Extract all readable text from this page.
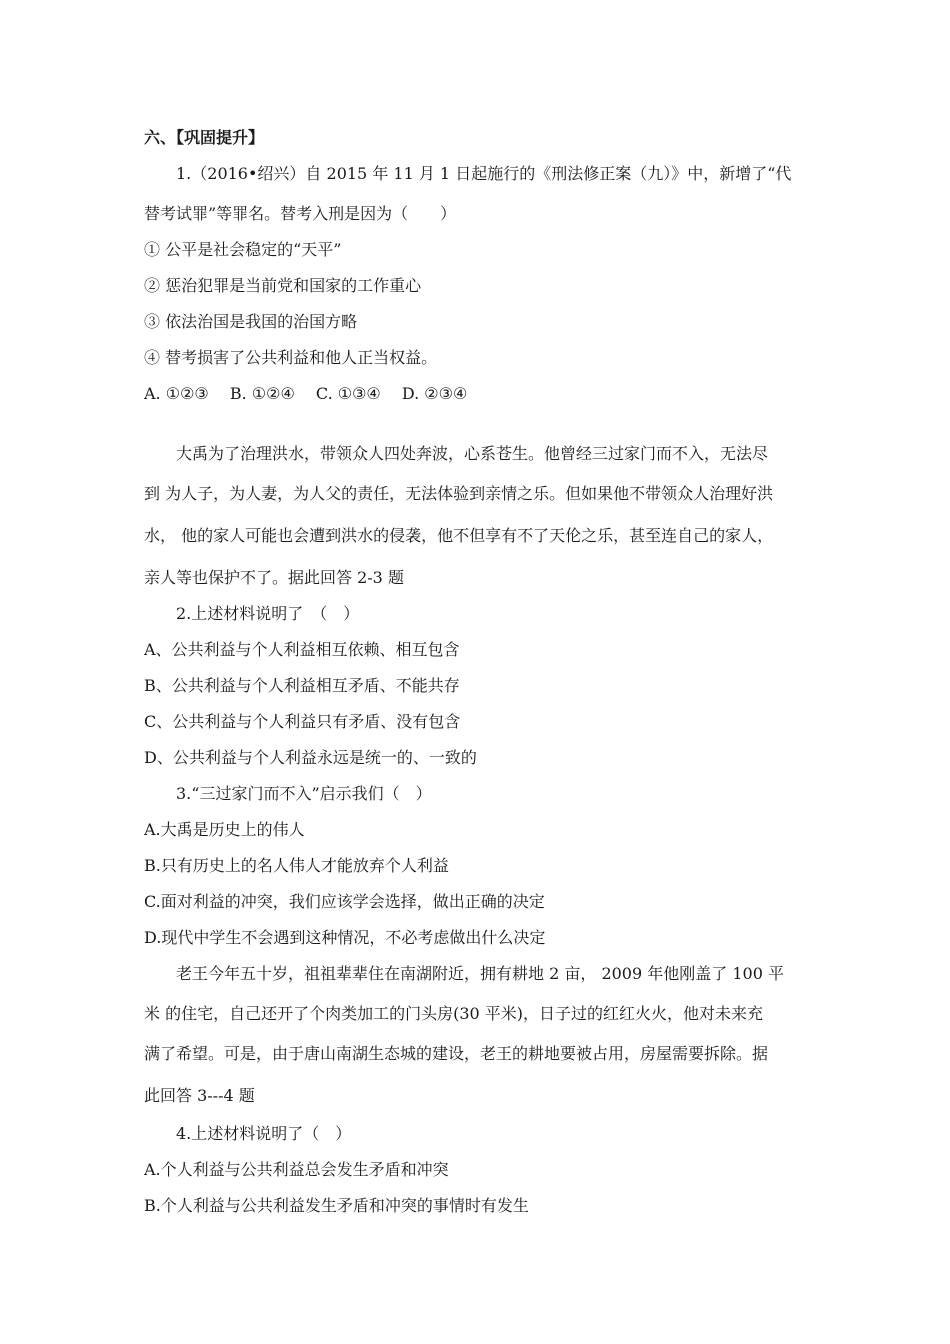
六、【巩固提升】
1.（2016•绍兴）自 2015 年 11 月 1 日起施行的《刑法修正案（九）》中，新增了“代
替考试罪”等罪名。替考入刑是因为（　　）
① 公平是社会稳定的“天平”
② 惩治犯罪是当前党和国家的工作重心
③ 依法治国是我国的治国方略
④ 替考损害了公共利益和他人正当权益。
A. ①②③　 B. ①②④　 C. ①③④　 D. ②③④
大禹为了治理洪水，带领众人四处奔波，心系苍生。他曾经三过家门而不入，无法尽
到 为人子，为人妻，为人父的责任，无法体验到亲情之乐。但如果他不带领众人治理好洪
水， 他的家人可能也会遭到洪水的侵袭，他不但享有不了天伦之乐，甚至连自己的家人，
亲人等也保护不了。据此回答 2-3 题
2.上述材料说明了　（　）
A、公共利益与个人利益相互依赖、相互包含
B、公共利益与个人利益相互矛盾、不能共存
C、公共利益与个人利益只有矛盾、没有包含
D、公共利益与个人利益永远是统一的、一致的
3.“三过家门而不入”启示我们（　）
A.大禹是历史上的伟人
B.只有历史上的名人伟人才能放弃个人利益
C.面对利益的冲突，我们应该学会选择，做出正确的决定
D.现代中学生不会遇到这种情况，不必考虑做出什么决定
老王今年五十岁，祖祖辈辈住在南湖附近，拥有耕地 2 亩， 2009 年他刚盖了 100 平
米 的住宅，自己还开了个肉类加工的门头房(30 平米)，日子过的红红火火，他对未来充
满了希望。可是，由于唐山南湖生态城的建设，老王的耕地要被占用，房屋需要拆除。据
此回答 3---4 题
4.上述材料说明了（　）
A.个人利益与公共利益总会发生矛盾和冲突
B.个人利益与公共利益发生矛盾和冲突的事情时有发生
